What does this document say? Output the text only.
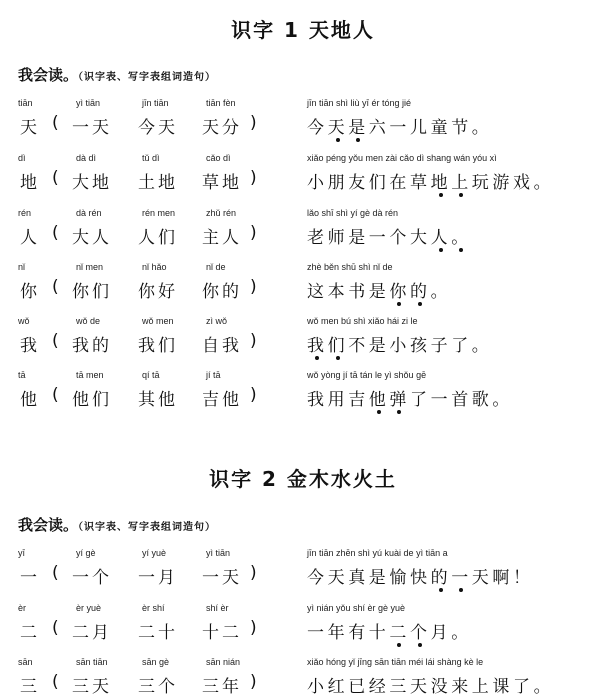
识字 1 天地人
我会读。（识字表、写字表组词造句）
tiān
天 (
yì tiān
一天
jīn tiān
今天
tiān fèn
天分 )
jīn tiān shì liù yī ér tóng jié
今天是六一儿童节。
dì
地 (
dà dì
大地
tǔ dì
土地
cǎo dì
草地 )
xiǎo péng yǒu men zài cǎo dì shang wán yóu xì
小朋友们在草地上玩游戏。
rén
人 (
dà rén
大人
rén men
人们
zhǔ rén
主人 )
lǎo shī shì yí gè dà rén
老师是一个大人。
nǐ
你 (
nǐ men
你们
nǐ hǎo
你好
nǐ de
你的 )
zhè běn shū shì nǐ de
这本书是你的。
wǒ
我 (
wǒ de
我的
wǒ men
我们
zì wǒ
自我 )
wǒ men bú shì xiǎo hái zi le
我们不是小孩子了。
tā
他 (
tā men
他们
qí tā
其他
jí tā
吉他 )
wǒ yòng jí tā tán le yì shǒu gē
我用吉他弹了一首歌。
识字 2 金木水火土
我会读。（识字表、写字表组词造句）
yī
一 (
yí gè
一个
yí yuè
一月
yì tiān
一天 )
jīn tiān zhēn shì yú kuài de yì tiān a
今天真是愉快的一天啊！
èr
二 (
èr yuè
二月
èr shí
二十
shí èr
十二 )
yì nián yǒu shí èr gè yuè
一年有十二个月。
sān
三 (
sān tiān
三天
sān gè
三个
sān nián
三年 )
xiǎo hóng yǐ jīng sān tiān méi lái shàng kè le
小红已经三天没来上课了。
